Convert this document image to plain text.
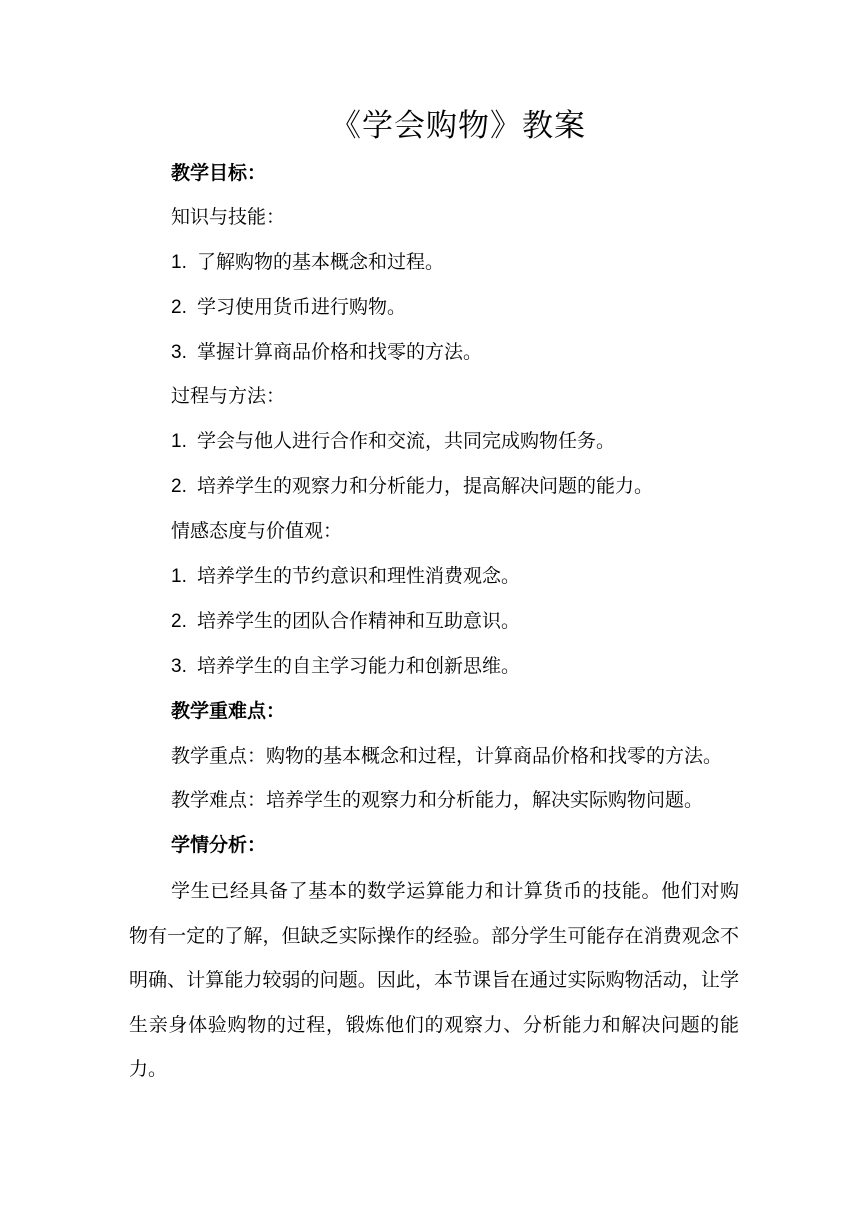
《学会购物》教案
教学目标：
知识与技能：
1. 了解购物的基本概念和过程。
2. 学习使用货币进行购物。
3. 掌握计算商品价格和找零的方法。
过程与方法：
1. 学会与他人进行合作和交流，共同完成购物任务。
2. 培养学生的观察力和分析能力，提高解决问题的能力。
情感态度与价值观：
1. 培养学生的节约意识和理性消费观念。
2. 培养学生的团队合作精神和互助意识。
3. 培养学生的自主学习能力和创新思维。
教学重难点：
教学重点：购物的基本概念和过程，计算商品价格和找零的方法。
教学难点：培养学生的观察力和分析能力，解决实际购物问题。
学情分析：

学生已经具备了基本的数学运算能力和计算货币的技能。他们对购物有一定的了解，但缺乏实际操作的经验。部分学生可能存在消费观念不明确、计算能力较弱的问题。因此，本节课旨在通过实际购物活动，让学生亲身体验购物的过程，锻炼他们的观察力、分析能力和解决问题的能力。
